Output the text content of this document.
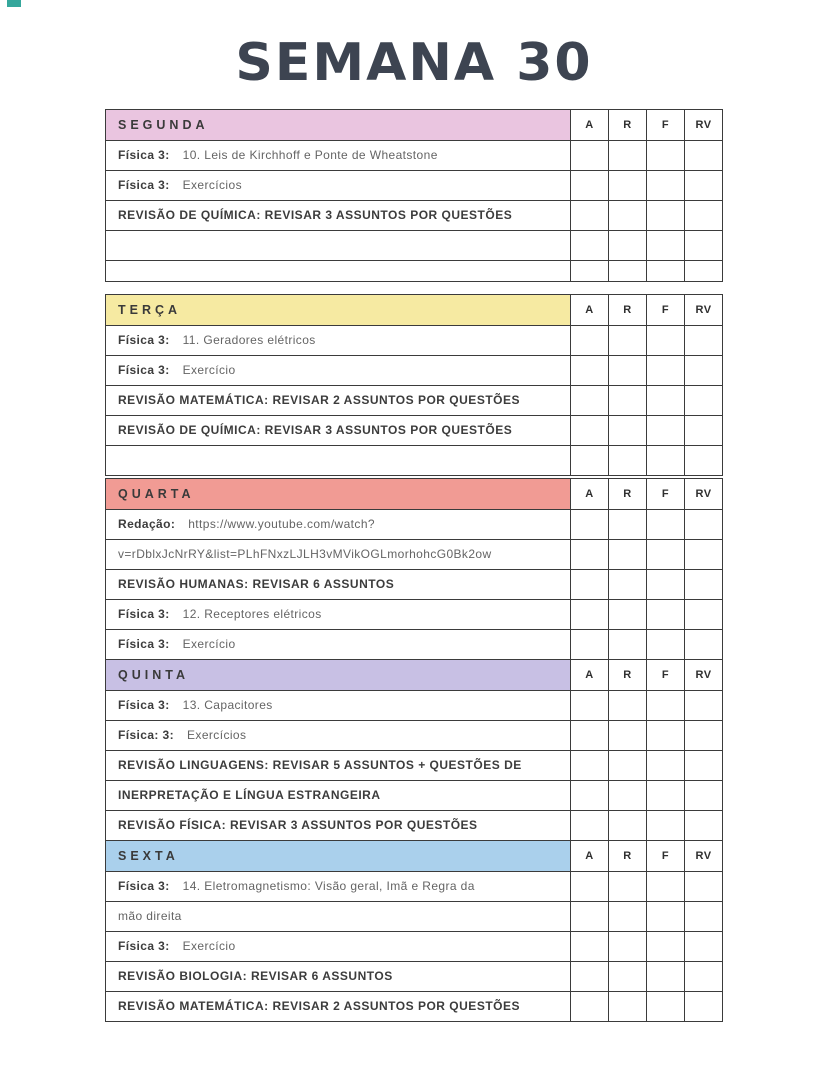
SEMANA 30
SEGUNDA	A	R	F	RV
Física 3: 10. Leis de Kirchhoff e Ponte de Wheatstone
Física 3: Exercícios
REVISÃO DE QUÍMICA: REVISAR 3 ASSUNTOS POR QUESTÕES
TERÇA	A	R	F	RV
Física 3: 11. Geradores elétricos
Física 3: Exercício
REVISÃO MATEMÁTICA: REVISAR 2 ASSUNTOS POR QUESTÕES
REVISÃO DE QUÍMICA: REVISAR 3 ASSUNTOS POR QUESTÕES
QUARTA	A	R	F	RV
Redação: https://www.youtube.com/watch?
v=rDblxJcNrRY&list=PLhFNxzLJLH3vMVikOGLmorhohcG0Bk2ow
REVISÃO HUMANAS: REVISAR 6 ASSUNTOS
Física 3: 12. Receptores elétricos
Física 3: Exercício
QUINTA	A	R	F	RV
Física 3: 13. Capacitores
Física: 3: Exercícios
REVISÃO LINGUAGENS: REVISAR 5 ASSUNTOS + QUESTÕES DE
INERPRETAÇÃO E LÍNGUA ESTRANGEIRA
REVISÃO FÍSICA: REVISAR 3 ASSUNTOS POR QUESTÕES
SEXTA	A	R	F	RV
Física 3: 14. Eletromagnetismo: Visão geral, Imã e Regra da
mão direita
Física 3: Exercício
REVISÃO BIOLOGIA: REVISAR 6 ASSUNTOS
REVISÃO MATEMÁTICA: REVISAR 2 ASSUNTOS POR QUESTÕES
